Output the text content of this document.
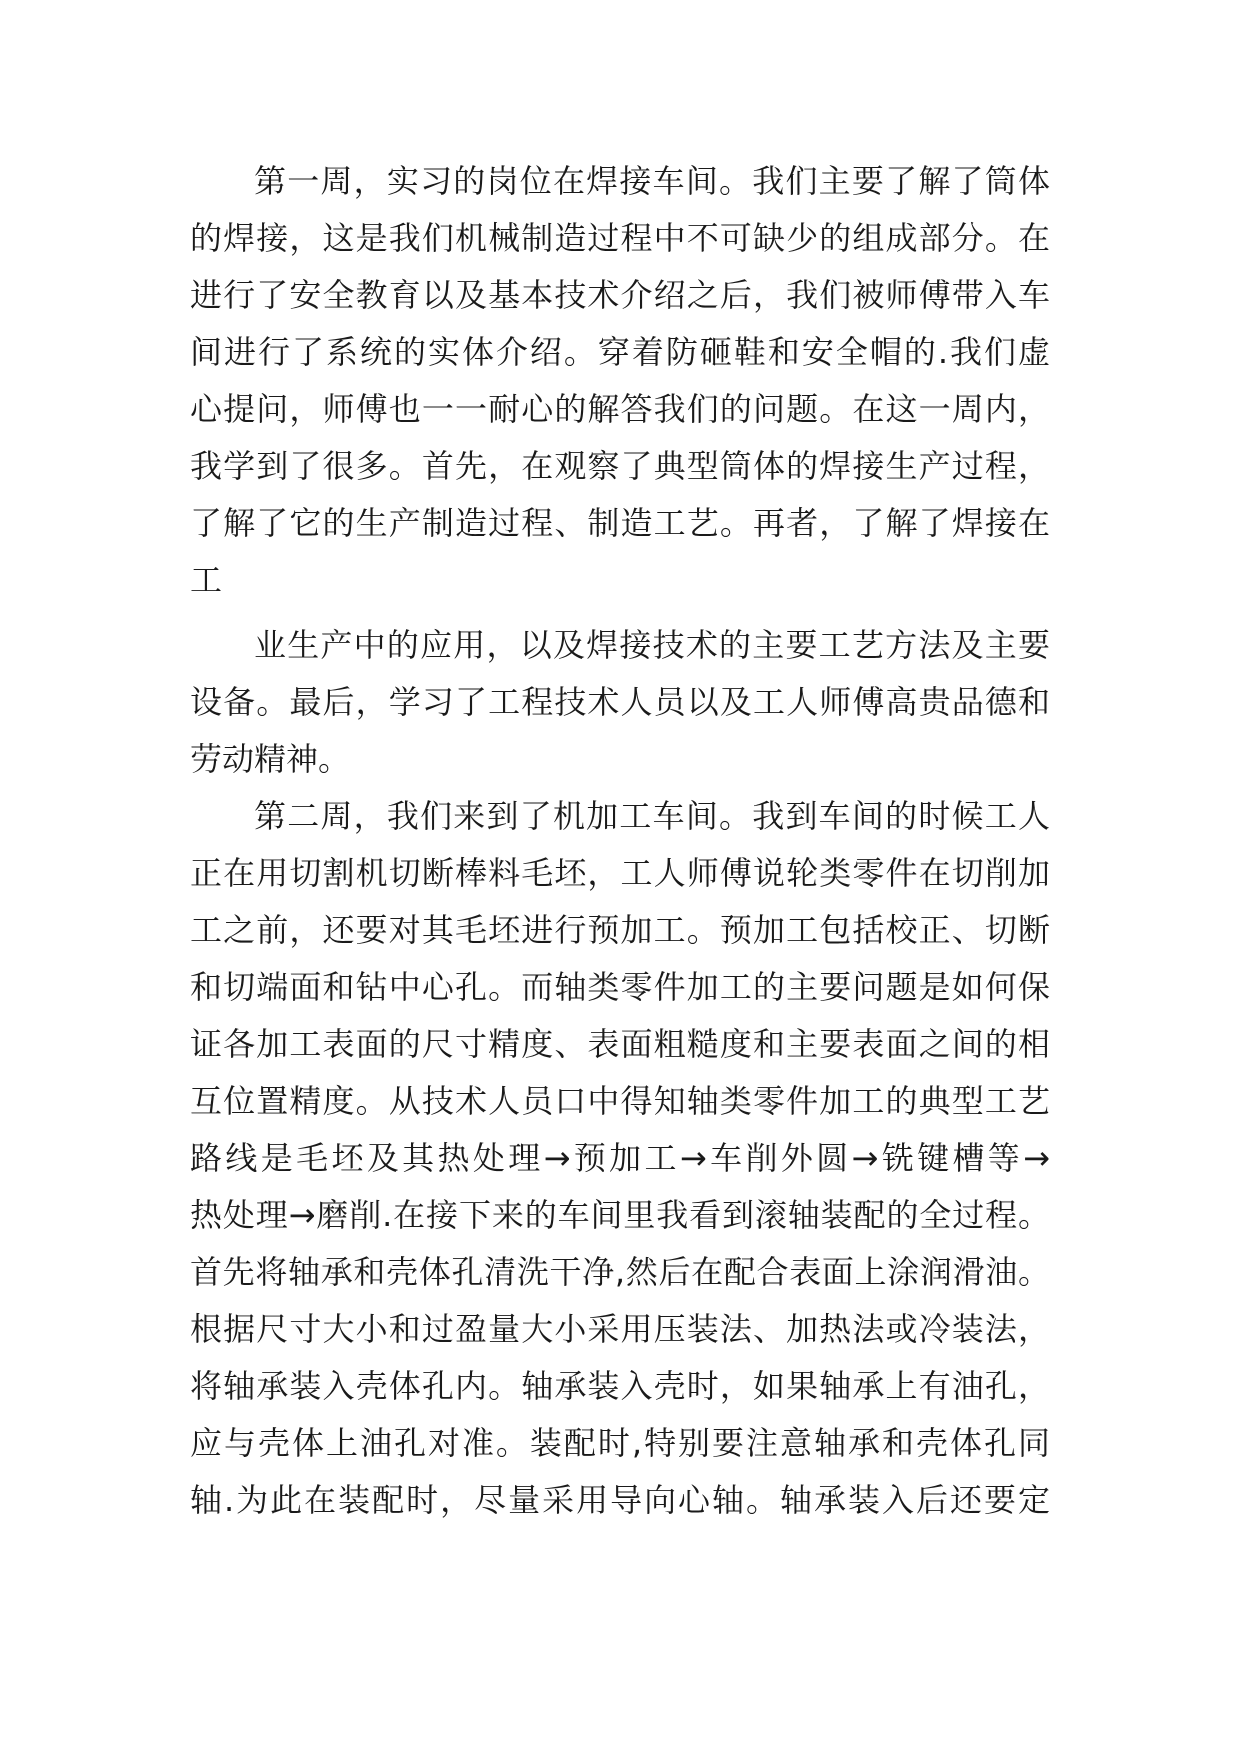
第一周，实习的岗位在焊接车间。我们主要了解了筒体
的焊接，这是我们机械制造过程中不可缺少的组成部分。在
进行了安全教育以及基本技术介绍之后，我们被师傅带入车
间进行了系统的实体介绍。穿着防砸鞋和安全帽的.我们虚
心提问，师傅也一一耐心的解答我们的问题。在这一周内，
我学到了很多。首先，在观察了典型筒体的焊接生产过程，
了解了它的生产制造过程、制造工艺。再者，了解了焊接在
工
业生产中的应用，以及焊接技术的主要工艺方法及主要
设备。最后，学习了工程技术人员以及工人师傅高贵品德和
劳动精神。
第二周，我们来到了机加工车间。我到车间的时候工人
正在用切割机切断棒料毛坯，工人师傅说轮类零件在切削加
工之前，还要对其毛坯进行预加工。预加工包括校正、切断
和切端面和钻中心孔。而轴类零件加工的主要问题是如何保
证各加工表面的尺寸精度、表面粗糙度和主要表面之间的相
互位置精度。从技术人员口中得知轴类零件加工的典型工艺
路线是毛坯及其热处理→预加工→车削外圆→铣键槽等→
热处理→磨削.在接下来的车间里我看到滚轴装配的全过程。
首先将轴承和壳体孔清洗干净,然后在配合表面上涂润滑油。
根据尺寸大小和过盈量大小采用压装法、加热法或冷装法，
将轴承装入壳体孔内。轴承装入壳时，如果轴承上有油孔，
应与壳体上油孔对准。装配时,特别要注意轴承和壳体孔同
轴.为此在装配时，尽量采用导向心轴。轴承装入后还要定
